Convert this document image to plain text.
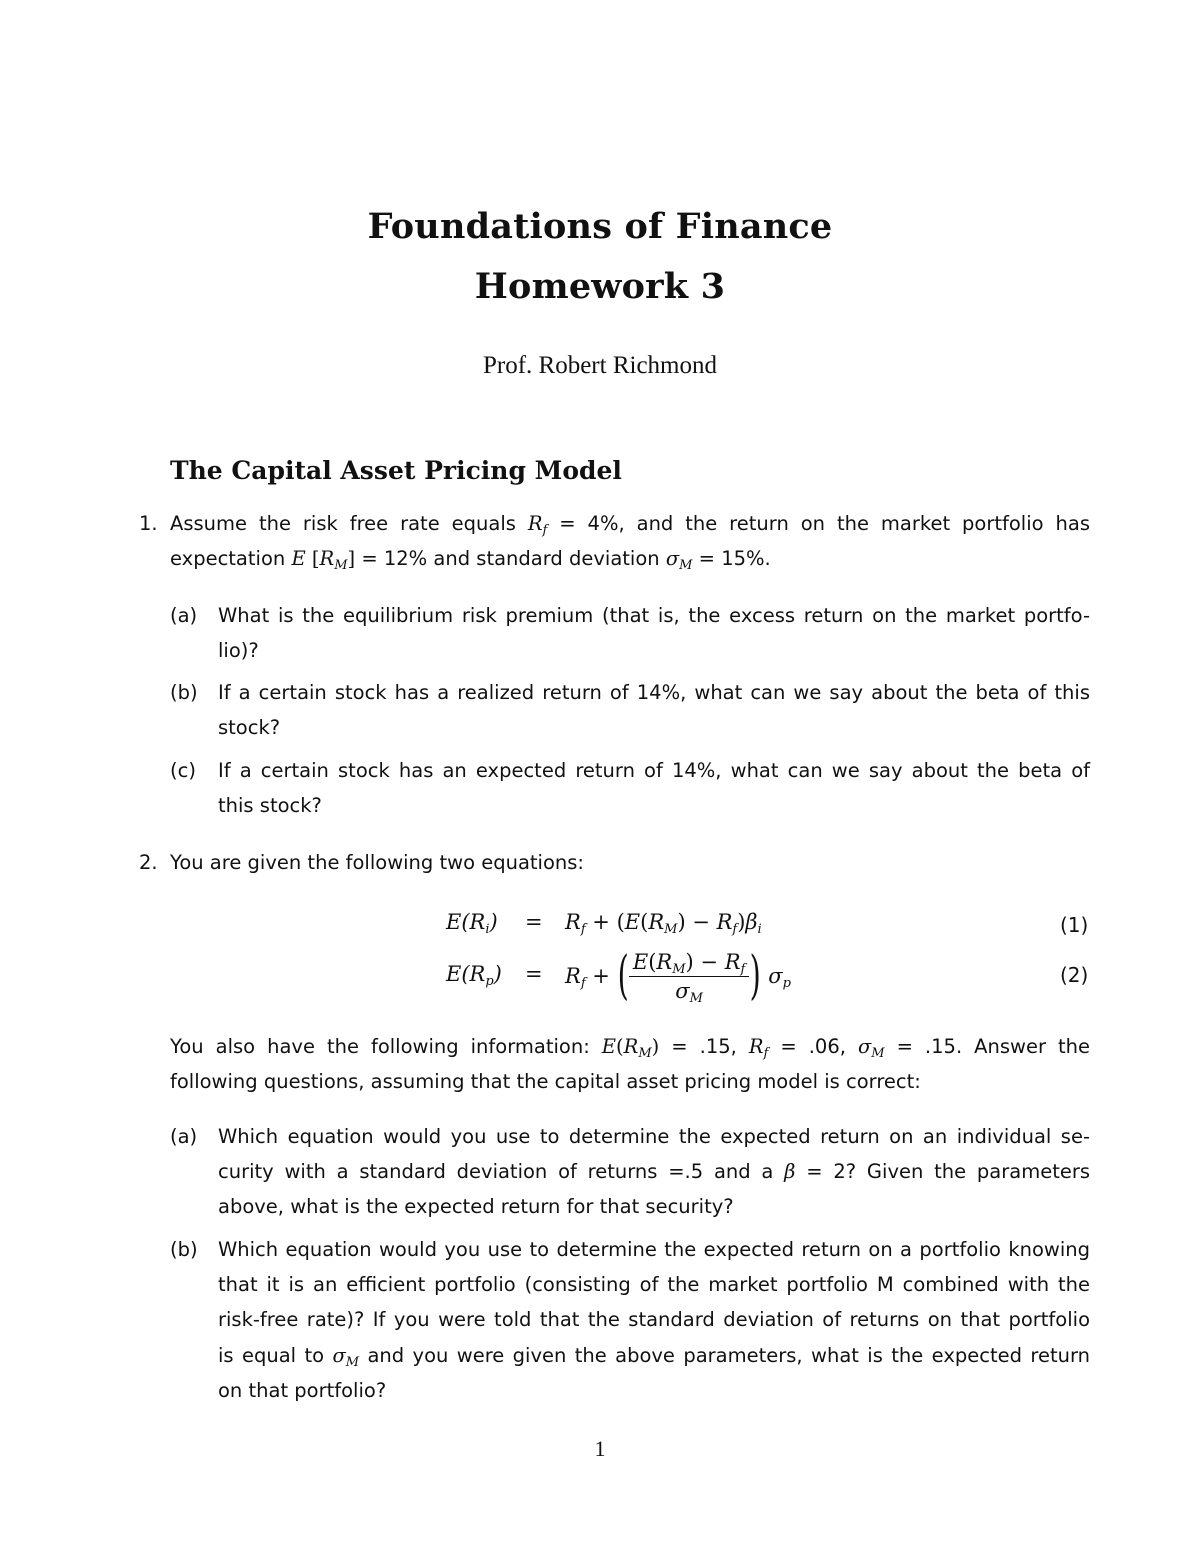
Foundations of Finance
Homework 3
Prof. Robert Richmond
The Capital Asset Pricing Model
1. Assume the risk free rate equals $R_f = 4\%$, and the return on the market portfolio has
expectation E $[R_M] = 12\%$ and standard deviation $\sigma_M = 15\%$.
(a) What is the equilibrium risk premium (that is, the excess return on the market portfo-
lio)?
(b) If a certain stock has a realized return of 14%, what can we say about the beta of this
stock?
(c) If a certain stock has an expected return of 14%, what can we say about the beta of
this stock?
2. You are given the following two equations:
$E(R_i) = R_f + (E(R_M) - R_f)\beta_i$	(1)
$E(R_p) = R_f$ + ( $\frac{E(R_M) - R_f}{\sigma_M}$ ) $\sigma_p$	(2)
You also have the following information: $E(R_M) = .15$, $R_f = .06$, $\sigma_M = .15$. Answer the
following questions, assuming that the capital asset pricing model is correct:
(a) Which equation would you use to determine the expected return on an individual se-
curity with a standard deviation of returns =.5 and a β = 2? Given the parameters
above, what is the expected return for that security?
(b) Which equation would you use to determine the expected return on a portfolio knowing
that it is an efficient portfolio (consisting of the market portfolio M combined with the
risk-free rate)? If you were told that the standard deviation of returns on that portfolio
is equal to $\sigma_M$ and you were given the above parameters, what is the expected return
on that portfolio?
1
